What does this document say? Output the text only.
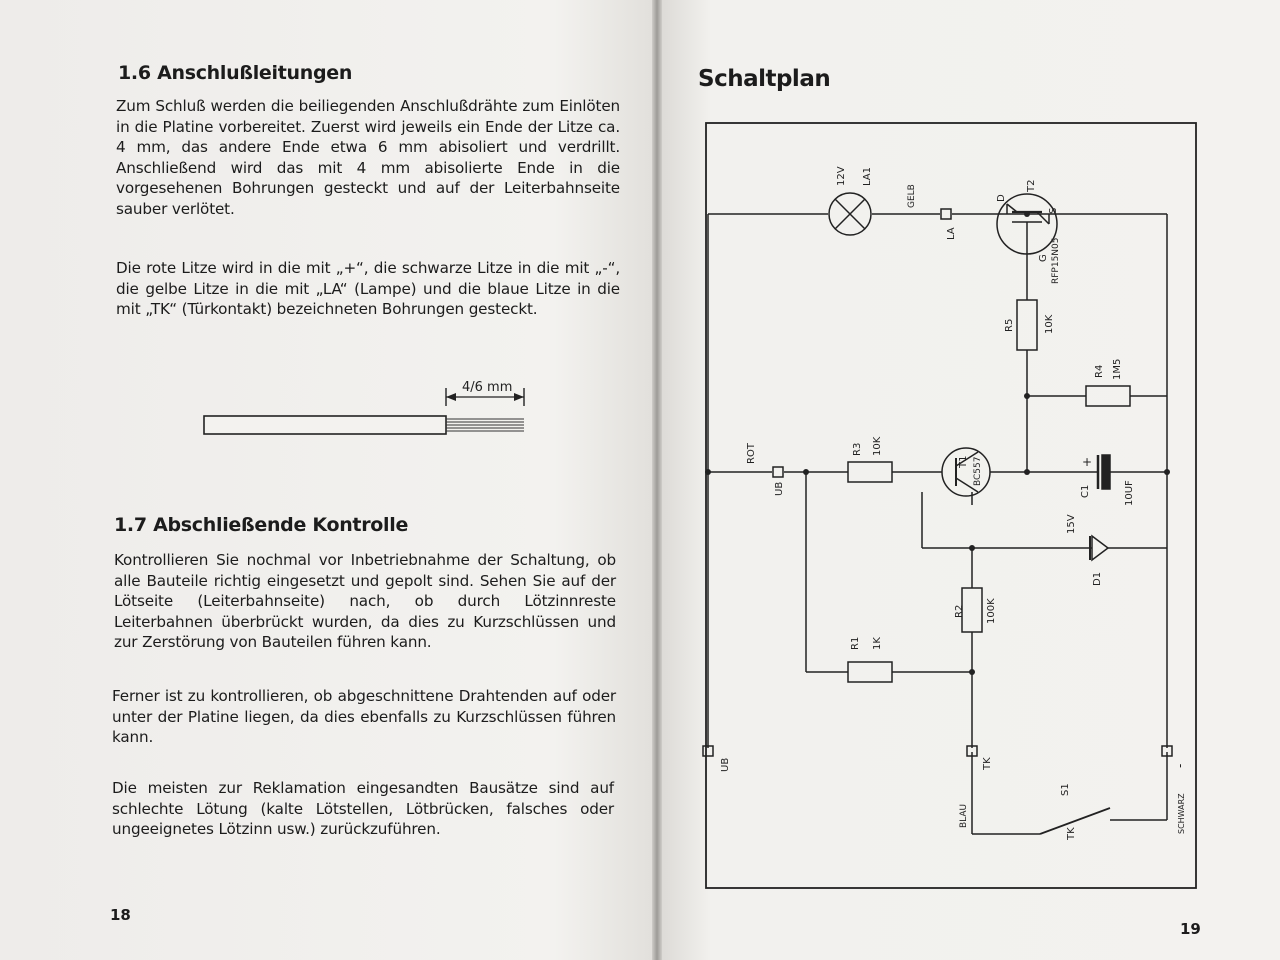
1.6 Anschlußleitungen

Zum Schluß werden die beiliegenden Anschlußdrähte zum Einlöten in die Platine vorbereitet. Zuerst wird jeweils ein Ende der Litze ca. 4 mm, das andere Ende etwa 6 mm abisoliert und verdrillt. Anschließend wird das mit 4 mm abisolierte Ende in die vorgesehenen Bohrungen gesteckt und auf der Leiterbahnseite sauber verlötet.

Die rote Litze wird in die mit „+“, die schwarze Litze in die mit „-“, die gelbe Litze in die mit „LA“ (Lampe) und die blaue Litze in die mit „TK“ (Türkontakt) bezeichneten Bohrungen gesteckt.

4/6 mm
1.7 Abschließende Kontrolle

Kontrollieren Sie nochmal vor Inbetriebnahme der Schaltung, ob alle Bauteile richtig eingesetzt und gepolt sind. Sehen Sie auf der Lötseite (Leiterbahnseite) nach, ob durch Lötzinnreste Leiterbahnen überbrückt wurden, da dies zu Kurzschlüssen und zur Zerstörung von Bauteilen führen kann.

Ferner ist zu kontrollieren, ob abgeschnittene Drahtenden auf oder unter der Platine liegen, da dies ebenfalls zu Kurzschlüssen führen kann.

Die meisten zur Reklamation eingesandten Bausätze sind auf schlechte Lötung (kalte Lötstellen, Lötbrücken, falsches oder ungeeignetes Lötzinn usw.) zurückzuführen.

18
Schaltplan
12V LA1
GELB
LA
D
S
T2
G RFP15N05
R5	10K
R4 1M5
ROT
UB
R3 10K
T1 BC557	+
C1	10UF
15V
D1
R2 100K
R1 1K
UB	TK	-
S1
BLAU
TK	SCHWARZ
19
